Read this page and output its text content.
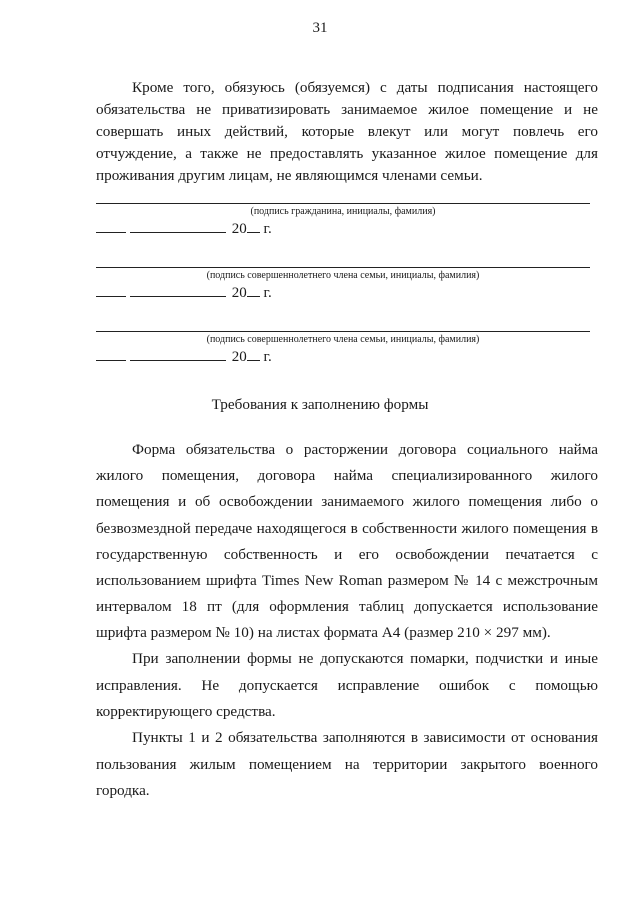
31

Кроме того, обязуюсь (обязуемся) с даты подписания настоящего обязательства не приватизировать занимаемое жилое помещение и не совершать иных действий, которые влекут или могут повлечь его отчуждение, а также не предоставлять указанное жилое помещение для проживания другим лицам, не являющимся членами семьи.

(подпись гражданина, инициалы, фамилия)
20 г.
(подпись совершеннолетнего члена семьи, инициалы, фамилия)
20 г.
(подпись совершеннолетнего члена семьи, инициалы, фамилия)
20 г.
Требования к заполнению формы

Форма обязательства о расторжении договора социального найма жилого помещения, договора найма специализированного жилого помещения и об освобождении занимаемого жилого помещения либо о безвозмездной передаче находящегося в собственности жилого помещения в государственную собственность и его освобождении печатается с использованием шрифта Times New Roman размером № 14 с межстрочным интервалом 18 пт (для оформления таблиц допускается использование шрифта размером № 10) на листах формата А4 (размер 210 × 297 мм).

При заполнении формы не допускаются помарки, подчистки и иные исправления. Не допускается исправление ошибок с помощью корректирующего средства.

Пункты 1 и 2 обязательства заполняются в зависимости от основания пользования жилым помещением на территории закрытого военного городка.
